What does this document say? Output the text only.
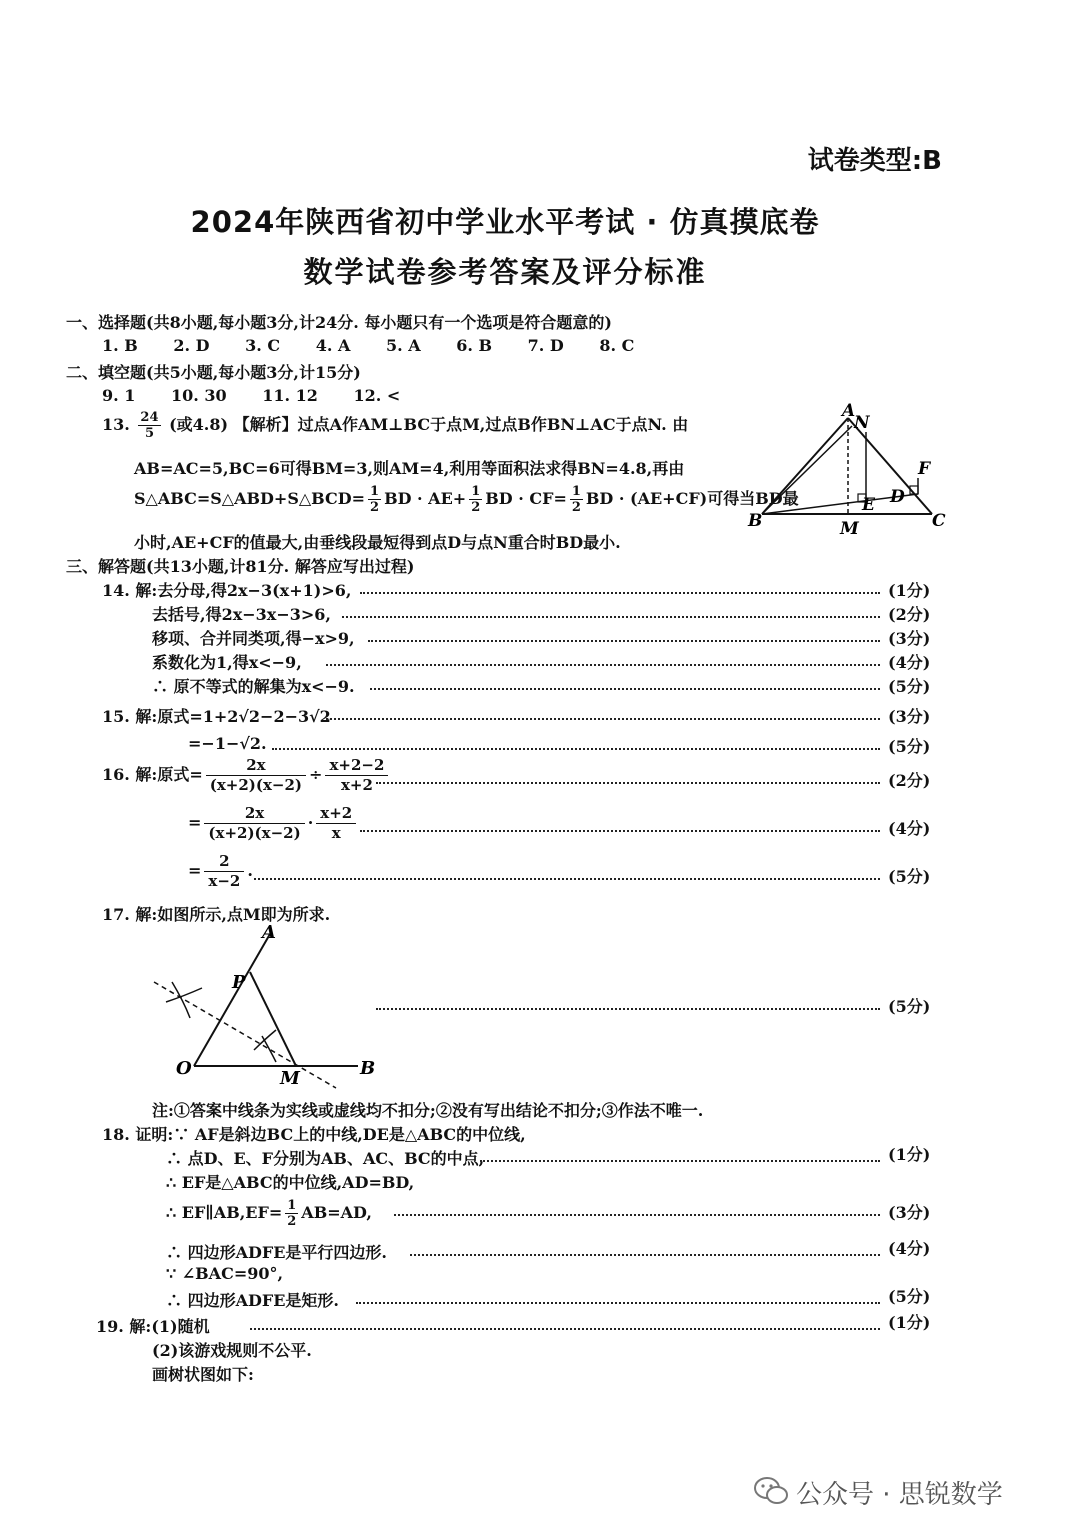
试卷类型:B
2024年陕西省初中学业水平考试 · 仿真摸底卷
数学试卷参考答案及评分标准
一、选择题(共8小题,每小题3分,计24分. 每小题只有一个选项是符合题意的)
1. B 2. D 3. C 4. A 5. A 6. B 7. D 8. C
二、填空题(共5小题,每小题3分,计15分)
9. 1 10. 30 11. 12 12. <
13. $\frac{24}{5}$ (或4.8) 【解析】过点A作AM⊥BC于点M,过点B作BN⊥AC于点N. 由
AB=AC=5,BC=6可得BM=3,则AM=4,利用等面积法求得BN=4.8,再由
S△ABC=S△ABD+S△BCD= $\frac{1}{2}$ BD · $AE+ \frac{1}{2}$ BD · $CF= \frac{1}{2}$ BD · (AE+CF)可得当BD最
小时,AE+CF的值最大,由垂线段最短得到点D与点N重合时BD最小.
A
N
F
E D
B	M	C
三、解答题(共13小题,计81分. 解答应写出过程)
14. 解:去分母,得2x−3(x+1)>6,	(1分)
去括号,得2x−3x−3>6,	(2分)
移项、合并同类项,得−x>9,	(3分)
系数化为1,得x<−9,	(4分)
∴ 原不等式的解集为x<−9.	(5分)
15. 解:原式=1+2√2−2−3√2	(3分)
=−1−√2.	(5分)
16. 解:原式= $\frac{2x}{(x+2)(x-2)} \div \frac{x+2-2}{x+2}$	(2分)
= $\frac{2x}{(x+2)(x-2)} \cdot \frac{x+2}{x}$	(4分)
= $\frac{2}{x-2}$ .	(5分)
17. 解:如图所示,点M即为所求.
A
P
O	M	B
(5分)
注:①答案中线条为实线或虚线均不扣分;②没有写出结论不扣分;③作法不唯一.
18. 证明:∵ AF是斜边BC上的中线,DE是△ABC的中位线,
∴ 点D、E、F分别为AB、AC、BC的中点,	(1分)
∴ EF是△ABC的中位线,AD=BD,
∴ EF∥AB,EF= $\frac{1}{2} AB=AD$,	(3分)
∴ 四边形ADFE是平行四边形.	(4分)
∵ ∠BAC=90°,
∴ 四边形ADFE是矩形.	(5分)
19. 解:(1)随机	(1分)
(2)该游戏规则不公平.
画树状图如下:
公众号 · 思锐数学
